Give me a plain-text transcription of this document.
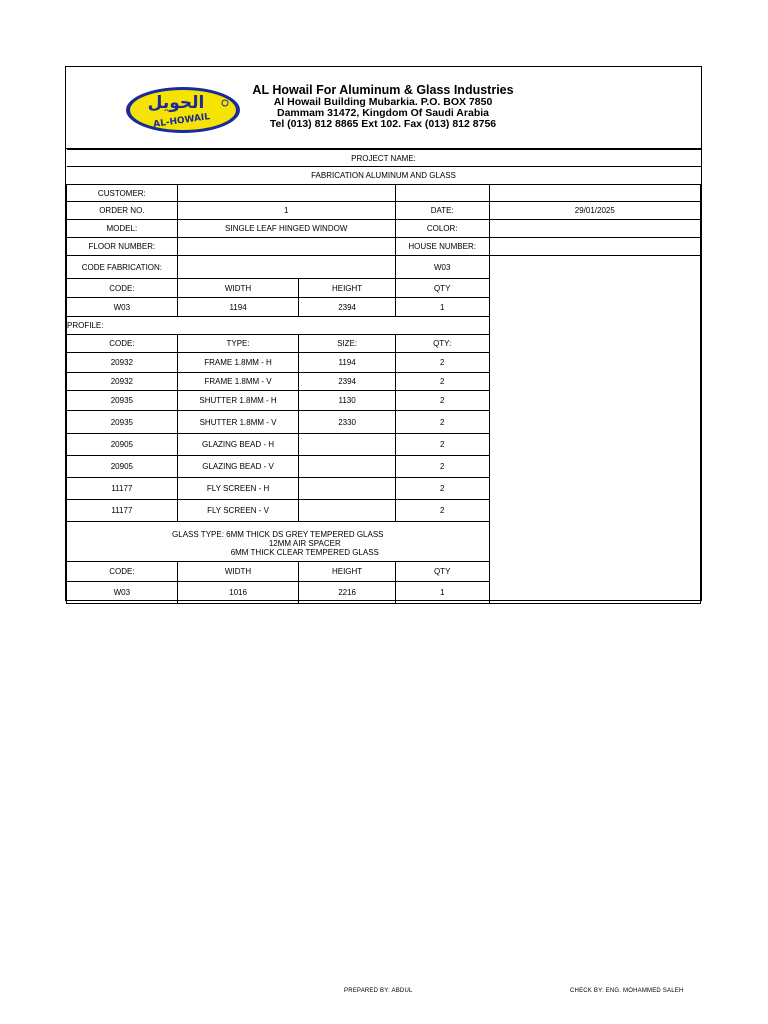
الحويل
AL-HOWAIL
AL Howail For Aluminum & Glass Industries
Al Howail Building Mubarkia. P.O. BOX 7850
Dammam 31472, Kingdom Of Saudi Arabia
Tel (013) 812 8865 Ext 102. Fax (013) 812 8756
PROJECT NAME:				
FABRICATION ALUMINUM AND GLASS				
CUSTOMER:				
ORDER NO.	1		DATE:	29/01/2025
MODEL:	SINGLE LEAF HINGED WINDOW		COLOR:	
FLOOR NUMBER:			HOUSE NUMBER:	
CODE FABRICATION:			W03	
CODE:	WIDTH	HEIGHT	QTY	
W03	1194	2394	1	
PROFILE:				
CODE:	TYPE:	SIZE:	QTY:	
20932	FRAME 1.8MM - H	1194	2	
20932	FRAME 1.8MM - V	2394	2	
20935	SHUTTER 1.8MM - H	1130	2	
20935	SHUTTER 1.8MM - V	2330	2	
20905	GLAZING BEAD - H		2	
20905	GLAZING BEAD - V		2	
11177	FLY SCREEN - H		2	
11177	FLY SCREEN - V		2	

GLASS TYPE: 6MM THICK DS GREY TEMPERED GLASS
12MM AIR SPACER
6MM THICK CLEAR TEMPERED GLASS				

CODE:	WIDTH	HEIGHT	QTY	
W03	1016	2216	1	
PREPARED BY: ABDUL	CHECK BY: ENG. MOHAMMED SALEH
